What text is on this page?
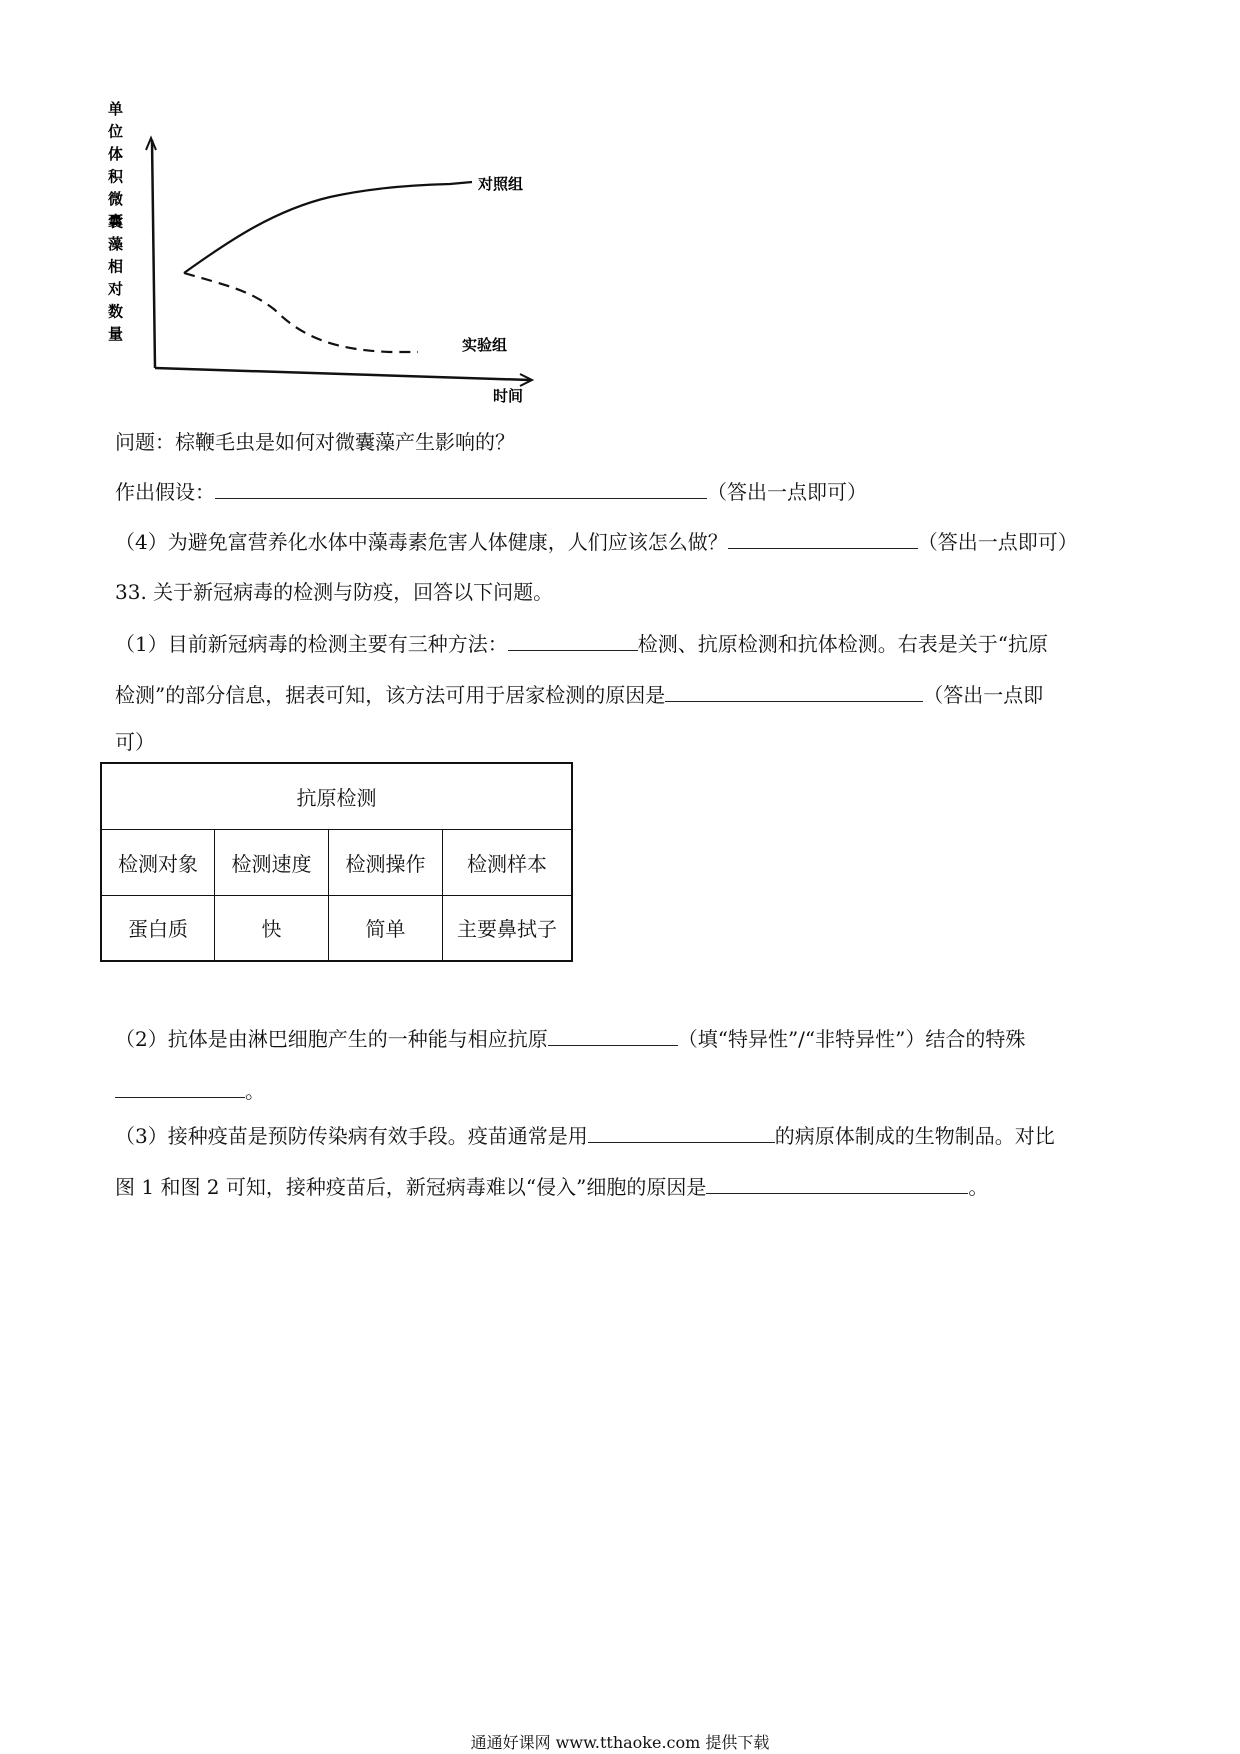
单
位
体
积
微
囊
藻
相
对
数
量
对照组
实验组
时间
问题：棕鞭毛虫是如何对微囊藻产生影响的？
作出假设：	（答出一点即可）
（4）为避免富营养化水体中藻毒素危害人体健康，人们应该怎么做？	（答出一点即可）
33. 关于新冠病毒的检测与防疫，回答以下问题。
（1）目前新冠病毒的检测主要有三种方法：	检测、抗原检测和抗体检测。右表是关于“抗原
检测”的部分信息，据表可知，该方法可用于居家检测的原因是	（答出一点即
可）
抗原检测			
检测对象	检测速度	检测操作	检测样本
蛋白质	快	简单	主要鼻拭子
（2）抗体是由淋巴细胞产生的一种能与相应抗原	（填“特异性”/“非特异性”）结合的特殊
。
（3）接种疫苗是预防传染病有效手段。疫苗通常是用	的病原体制成的生物制品。对比
图 1 和图 2 可知，接种疫苗后，新冠病毒难以“侵入”细胞的原因是	。
通通好课网 www.tthaoke.com 提供下载
